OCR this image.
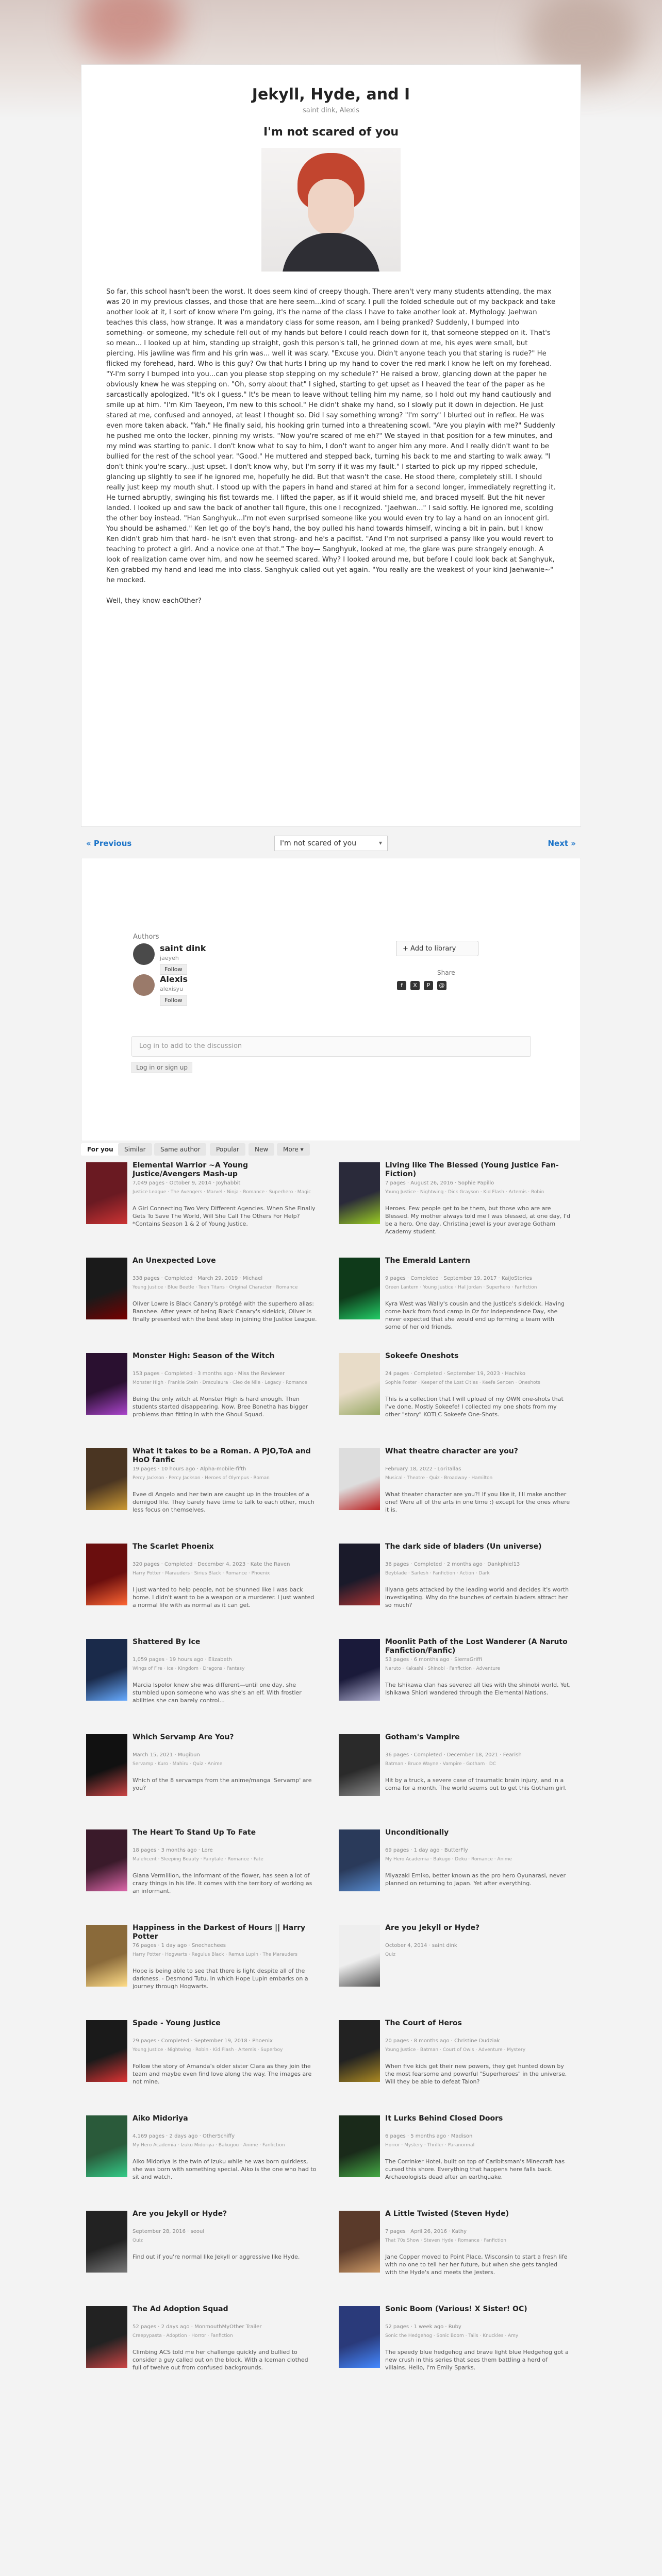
Jekyll, Hyde, and I
saint dink, Alexis
I'm not scared of you

So far, this school hasn't been the worst. It does seem kind of creepy though. There aren't very many students attending, the max was 20 in my previous classes, and those that are here seem...kind of scary. I pull the folded schedule out of my backpack and take another look at it, I sort of know where I'm going, it's the name of the class I have to take another look at. Mythology. Jaehwan teaches this class, how strange. It was a mandatory class for some reason, am I being pranked? Suddenly, I bumped into something- or someone, my schedule fell out of my hands but before I could reach down for it, that someone stepped on it. That's so mean... I looked up at him, standing up straight, gosh this person's tall, he grinned down at me, his eyes were small, but piercing. His jawline was firm and his grin was... well it was scary. "Excuse you. Didn't anyone teach you that staring is rude?" He flicked my forehead, hard. Who is this guy? Ow that hurts I bring up my hand to cover the red mark I know he left on my forehead. "Y-I'm sorry I bumped into you...can you please stop stepping on my schedule?" He raised a brow, glancing down at the paper he obviously knew he was stepping on. "Oh, sorry about that" I sighed, starting to get upset as I heaved the tear of the paper as he sarcastically apologized. "It's ok I guess." It's be mean to leave without telling him my name, so I hold out my hand cautiously and smile up at him. "I'm Kim Taeyeon, I'm new to this school." He didn't shake my hand, so I slowly put it down in dejection. He just stared at me, confused and annoyed, at least I thought so. Did I say something wrong? "I'm sorry" I blurted out in reflex. He was even more taken aback. "Yah." He finally said, his hooking grin turned into a threatening scowl. "Are you playin with me?" Suddenly he pushed me onto the locker, pinning my wrists. "Now you're scared of me eh?" We stayed in that position for a few minutes, and my mind was starting to panic. I don't know what to say to him, I don't want to anger him any more. And I really didn't want to be bullied for the rest of the school year. "Good." He muttered and stepped back, turning his back to me and starting to walk away. "I don't think you're scary...just upset. I don't know why, but I'm sorry if it was my fault." I started to pick up my ripped schedule, glancing up slightly to see if he ignored me, hopefully he did. But that wasn't the case. He stood there, completely still. I should really just keep my mouth shut. I stood up with the papers in hand and stared at him for a second longer, immediately regretting it. He turned abruptly, swinging his fist towards me. I lifted the paper, as if it would shield me, and braced myself. But the hit never landed. I looked up and saw the back of another tall figure, this one I recognized. "Jaehwan..." I said softly. He ignored me, scolding the other boy instead. "Han Sanghyuk...I'm not even surprised someone like you would even try to lay a hand on an innocent girl. You should be ashamed." Ken let go of the boy's hand, the boy pulled his hand towards himself, wincing a bit in pain, but I know Ken didn't grab him that hard- he isn't even that strong- and he's a pacifist. "And I'm not surprised a pansy like you would revert to teaching to protect a girl. And a novice one at that." The boy— Sanghyuk, looked at me, the glare was pure strangely enough. A look of realization came over him, and now he seemed scared. Why? I looked around me, but before I could look back at Sanghyuk, Ken grabbed my hand and lead me into class. Sanghyuk called out yet again. "You really are the weakest of your kind Jaehwanie~" he mocked.

Well, they know eachOther?

« Previous	I'm not scared of you	▾	Next »
Authors
saint dink
jaeyeh
Follow
Alexis
alexisyu
Follow
+ Add to library
Share
f X P @
Log in to add to the discussion
Log in or sign up
For you	Similar	Same author	Popular	New	More ▾
Elemental Warrior ~A Young Justice/Avengers Mash-up
7,049 pages · October 9, 2014 · Joyhabbit
Justice League · The Avengers · Marvel · Ninja · Romance · Superhero · Magic
A Girl Connecting Two Very Different Agencies. When She Finally Gets To Save The World, Will She Call The Others For Help? *Contains Season 1 & 2 of Young Justice.
Living like The Blessed (Young Justice Fan-Fiction)
7 pages · August 26, 2016 · Sophie Papillo
Young Justice · Nightwing · Dick Grayson · Kid Flash · Artemis · Robin
Heroes. Few people get to be them, but those who are are Blessed. My mother always told me I was blessed, at one day, I'd be a hero. One day, Christina Jewel is your average Gotham Academy student.
An Unexpected Love
338 pages · Completed · March 29, 2019 · Michael
Young Justice · Blue Beetle · Teen Titans · Original Character · Romance
Oliver Lowre is Black Canary's protégé with the superhero alias: Banshee. After years of being Black Canary's sidekick, Oliver is finally presented with the best step in joining the Justice League.
The Emerald Lantern
9 pages · Completed · September 19, 2017 · KaiJoStories
Green Lantern · Young Justice · Hal Jordan · Superhero · Fanfiction
Kyra West was Wally's cousin and the Justice's sidekick. Having come back from food camp in Oz for Independence Day, she never expected that she would end up forming a team with some of her old friends.
Monster High: Season of the Witch
153 pages · Completed · 3 months ago · Miss the Reviewer
Monster High · Frankie Stein · Draculaura · Cleo de Nile · Legacy · Romance
Being the only witch at Monster High is hard enough. Then students started disappearing. Now, Bree Bonetha has bigger problems than fitting in with the Ghoul Squad.
Sokeefe Oneshots
24 pages · Completed · September 19, 2023 · Hachiko
Sophie Foster · Keeper of the Lost Cities · Keefe Sencen · Oneshots
This is a collection that I will upload of my OWN one-shots that I've done. Mostly Sokeefe! I collected my one shots from my other "story" KOTLC Sokeefe One-Shots.
What it takes to be a Roman. A PJO,ToA and HoO fanfic
19 pages · 10 hours ago · Alpha-mobile-fifth
Percy Jackson · Percy Jackson · Heroes of Olympus · Roman
Evee di Angelo and her twin are caught up in the troubles of a demigod life. They barely have time to talk to each other, much less focus on themselves.
What theatre character are you?
February 18, 2022 · LoriTallas
Musical · Theatre · Quiz · Broadway · Hamilton
What theater character are you?! If you like it, I'll make another one! Were all of the arts in one time :) except for the ones where it is.
The Scarlet Phoenix
320 pages · Completed · December 4, 2023 · Kate the Raven
Harry Potter · Marauders · Sirius Black · Romance · Phoenix
I just wanted to help people, not be shunned like I was back home. I didn't want to be a weapon or a murderer. I just wanted a normal life with as normal as it can get.
The dark side of bladers (Un universe)
36 pages · Completed · 2 months ago · Dankphiel13
Beyblade · Sarlesh · Fanfiction · Action · Dark
Illyana gets attacked by the leading world and decides it's worth investigating. Why do the bunches of certain bladers attract her so much?
Shattered By Ice
1,059 pages · 19 hours ago · Elizabeth
Wings of Fire · Ice · Kingdom · Dragons · Fantasy
Marcia Ispolor knew she was different—until one day, she stumbled upon someone who was she's an elf. With frostier abilities she can barely control...
Moonlit Path of the Lost Wanderer (A Naruto Fanfiction/Fanfic)
53 pages · 6 months ago · SierraGriffi
Naruto · Kakashi · Shinobi · Fanfiction · Adventure
The Ishikawa clan has severed all ties with the shinobi world. Yet, Ishikawa Shiori wandered through the Elemental Nations.
Which Servamp Are You?
March 15, 2021 · Mugibun
Servamp · Kuro · Mahiru · Quiz · Anime
Which of the 8 servamps from the anime/manga 'Servamp' are you?
Gotham's Vampire
36 pages · Completed · December 18, 2021 · Fearish
Batman · Bruce Wayne · Vampire · Gotham · DC
Hit by a truck, a severe case of traumatic brain injury, and in a coma for a month. The world seems out to get this Gotham girl.
The Heart To Stand Up To Fate
18 pages · 3 months ago · Lore
Maleficent · Sleeping Beauty · Fairytale · Romance · Fate
Giana Vermillion, the informant of the flower, has seen a lot of crazy things in his life. It comes with the territory of working as an informant.
Unconditionally
69 pages · 1 day ago · ButterFly
My Hero Academia · Bakugo · Deku · Romance · Anime
Miyazaki Emiko, better known as the pro hero Oyunarasi, never planned on returning to Japan. Yet after everything.
Happiness in the Darkest of Hours || Harry Potter
76 pages · 1 day ago · Snechachees
Harry Potter · Hogwarts · Regulus Black · Remus Lupin · The Marauders
Hope is being able to see that there is light despite all of the darkness. - Desmond Tutu. In which Hope Lupin embarks on a journey through Hogwarts.
Are you Jekyll or Hyde?
October 4, 2014 · saint dink
Quiz
Spade - Young Justice
29 pages · Completed · September 19, 2018 · Phoenix
Young Justice · Nightwing · Robin · Kid Flash · Artemis · Superboy
Follow the story of Amanda's older sister Clara as they join the team and maybe even find love along the way. The images are not mine.
The Court of Heros
20 pages · 8 months ago · Christine Dudziak
Young Justice · Batman · Court of Owls · Adventure · Mystery
When five kids get their new powers, they get hunted down by the most fearsome and powerful "Superheroes" in the universe. Will they be able to defeat Talon?
Aiko Midoriya
4,169 pages · 2 days ago · OtherSchiffy
My Hero Academia · Izuku Midoriya · Bakugou · Anime · Fanfiction
Aiko Midoriya is the twin of Izuku while he was born quirkless, she was born with something special. Aiko is the one who had to sit and watch.
It Lurks Behind Closed Doors
6 pages · 5 months ago · Madison
Horror · Mystery · Thriller · Paranormal
The Corrinker Hotel, built on top of Carlbitsman's Minecraft has cursed this shore. Everything that happens here falls back. Archaeologists dead after an earthquake.
Are you Jekyll or Hyde?
September 28, 2016 · seoul
Quiz
Find out if you're normal like Jekyll or aggressive like Hyde.
A Little Twisted (Steven Hyde)
7 pages · April 26, 2016 · Kathy
That 70s Show · Steven Hyde · Romance · Fanfiction
Jane Copper moved to Point Place, Wisconsin to start a fresh life with no one to tell her her future, but when she gets tangled with the Hyde's and meets the Jesters.
The Ad Adoption Squad
52 pages · 2 days ago · MonmouthMyOther Trailer
Creepypasta · Adoption · Horror · Fanfiction
Climbing ACS told me her challenge quickly and bullied to consider a guy called out on the block. With a Iceman clothed full of twelve out from confused backgrounds.
Sonic Boom (Various! X Sister! OC)
52 pages · 1 week ago · Ruby
Sonic the Hedgehog · Sonic Boom · Tails · Knuckles · Amy
The speedy blue hedgehog and brave light blue Hedgehog got a new crush in this series that sees them battling a herd of villains. Hello, I'm Emily Sparks.
